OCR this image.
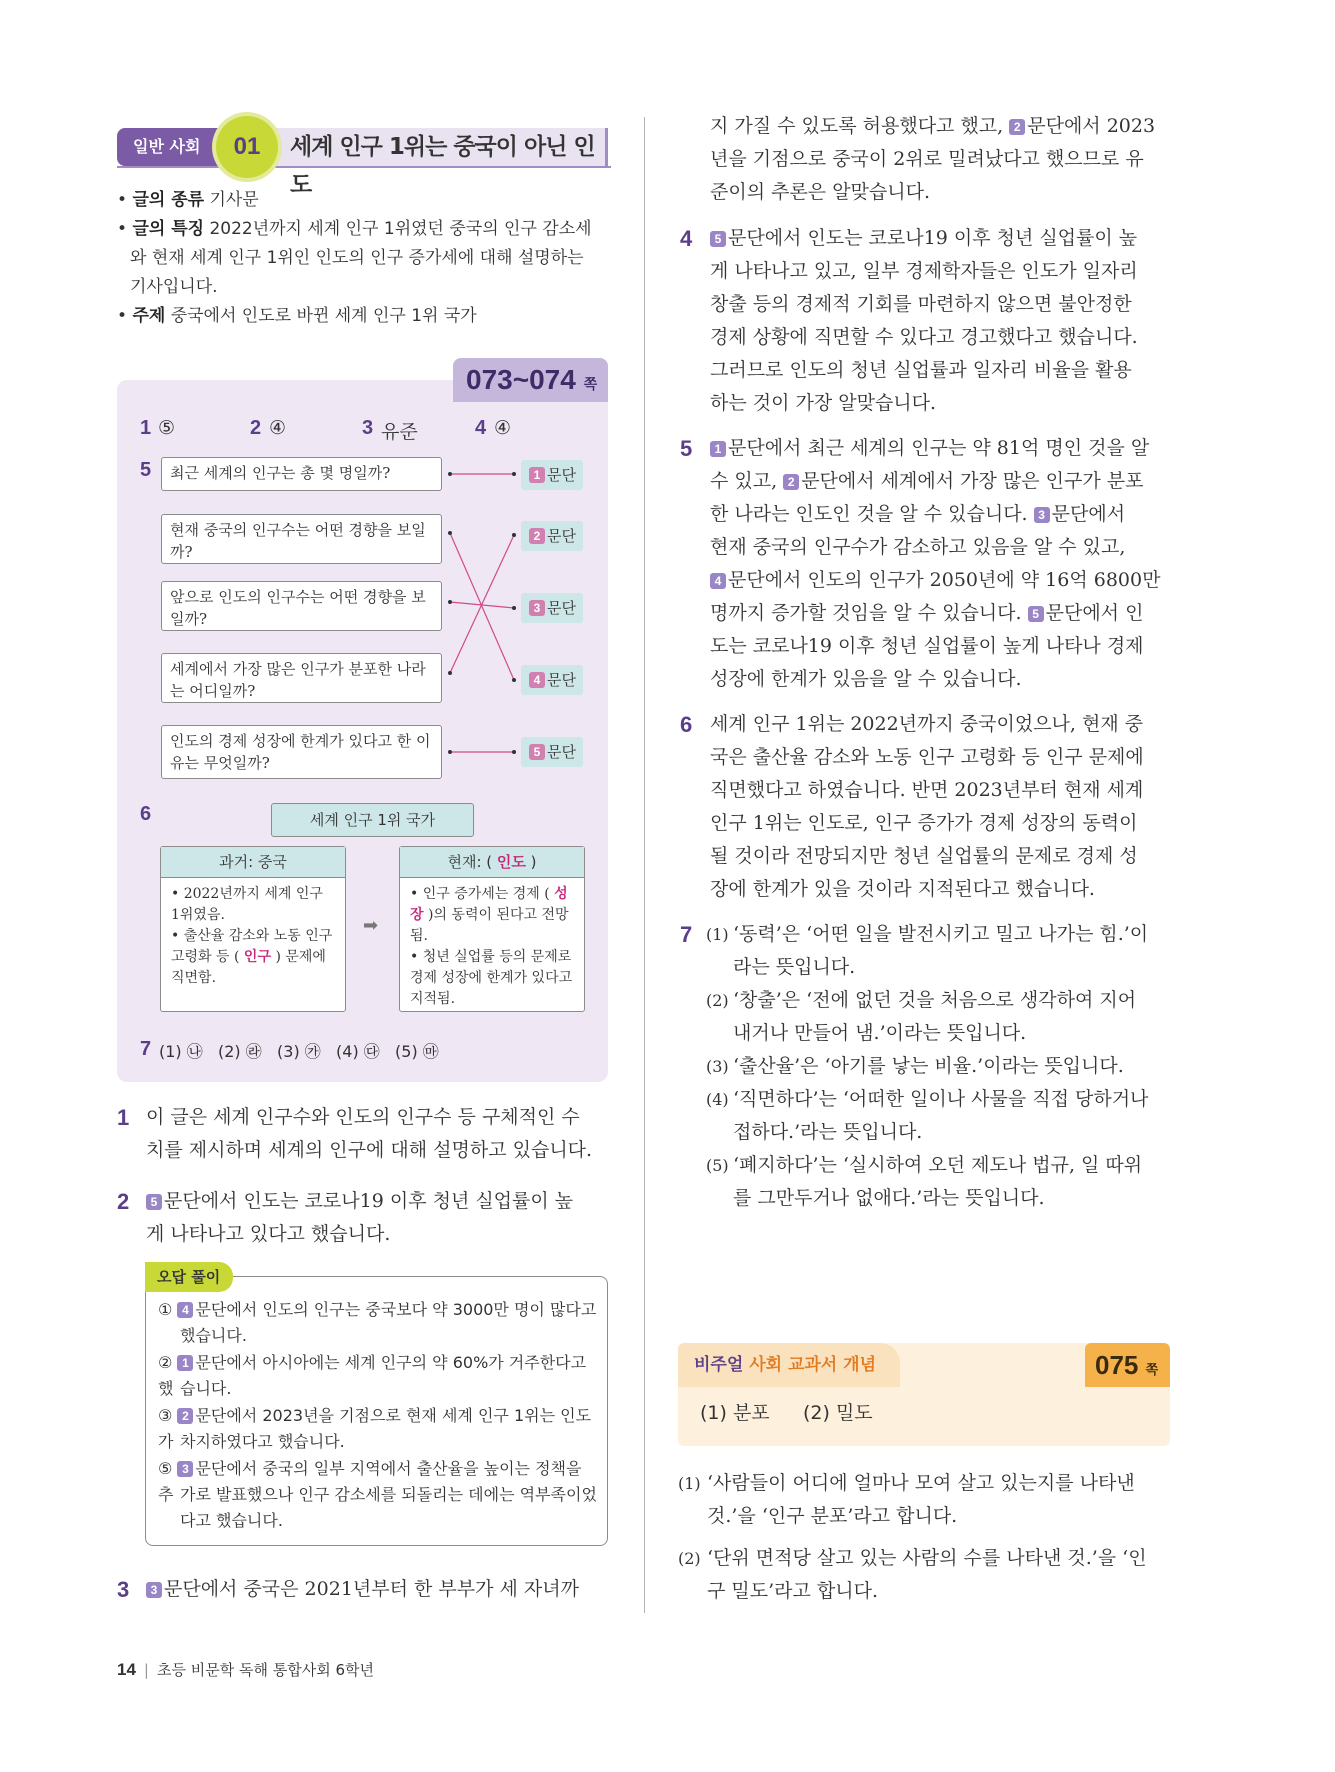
일반 사회	01	세계 인구 1위는 중국이 아닌 인도
• 글의 종류 기사문
• 글의 특징 2022년까지 세계 인구 1위였던 중국의 인구 감소세
와 현재 세계 인구 1위인 인도의 인구 증가세에 대해 설명하는
기사입니다.
• 주제 중국에서 인도로 바뀐 세계 인구 1위 국가
073~074 쪽
1 ⑤	2 ④	3 유준	4 ④
5	최근 세계의 인구는 총 몇 명일까?
현재 중국의 인구수는 어떤 경향을 보일까?
앞으로 인도의 인구수는 어떤 경향을 보일까?
세계에서 가장 많은 인구가 분포한 나라는 어디일까?
인도의 경제 성장에 한계가 있다고 한 이유는 무엇일까?
1 문단
2 문단
3 문단
4 문단
5 문단
6	세계 인구 1위 국가
과거: 중국
• 2022년까지 세계 인구 1위였음.
• 출산율 감소와 노동 인구 고령화 등 ( 인구 ) 문제에 직면함.
➡
현재: ( 인도 )
• 인구 증가세는 경제 ( 성장 )의 동력이 된다고 전망됨.
• 청년 실업률 등의 문제로 경제 성장에 한계가 있다고 지적됨.
7 (1) ㉯   (2) ㉱   (3) ㉮   (4) ㉰   (5) ㉲
1 이 글은 세계 인구수와 인도의 인구수 등 구체적인 수
치를 제시하며 세계의 인구에 대해 설명하고 있습니다.
2	5 문단에서 인도는 코로나19 이후 청년 실업률이 높
게 나타나고 있다고 했습니다.
오답 풀이
① 4 문단에서 인도의 인구는 중국보다 약 3000만 명이 많다고
했습니다.
② 1 문단에서 아시아에는 세계 인구의 약 60%가 거주한다고 했 습니다.
③ 2 문단에서 2023년을 기점으로 현재 세계 인구 1위는 인도가 차지하였다고 했습니다.
⑤ 3 문단에서 중국의 일부 지역에서 출산율을 높이는 정책을 추 가로 발표했으나 인구 감소세를 되돌리는 데에는 역부족이었
다고 했습니다.
3	3 문단에서 중국은 2021년부터 한 부부가 세 자녀까
14 | 초등 비문학 독해 통합사회 6학년
지 가질 수 있도록 허용했다고 했고, 2 문단에서 2023
년을 기점으로 중국이 2위로 밀려났다고 했으므로 유
준이의 추론은 알맞습니다.
4	5 문단에서 인도는 코로나19 이후 청년 실업률이 높
게 나타나고 있고, 일부 경제학자들은 인도가 일자리
창출 등의 경제적 기회를 마련하지 않으면 불안정한
경제 상황에 직면할 수 있다고 경고했다고 했습니다.
그러므로 인도의 청년 실업률과 일자리 비율을 활용
하는 것이 가장 알맞습니다.
5	1 문단에서 최근 세계의 인구는 약 81억 명인 것을 알
수 있고, 2 문단에서 세계에서 가장 많은 인구가 분포
한 나라는 인도인 것을 알 수 있습니다. 3 문단에서
현재 중국의 인구수가 감소하고 있음을 알 수 있고,
4 문단에서 인도의 인구가 2050년에 약 16억 6800만
명까지 증가할 것임을 알 수 있습니다. 5 문단에서 인
도는 코로나19 이후 청년 실업률이 높게 나타나 경제
성장에 한계가 있음을 알 수 있습니다.
6 세계 인구 1위는 2022년까지 중국이었으나, 현재 중
국은 출산율 감소와 노동 인구 고령화 등 인구 문제에
직면했다고 하였습니다. 반면 2023년부터 현재 세계
인구 1위는 인도로, 인구 증가가 경제 성장의 동력이
될 것이라 전망되지만 청년 실업률의 문제로 경제 성
장에 한계가 있을 것이라 지적된다고 했습니다.
7 (1) ‘동력’은 ‘어떤 일을 발전시키고 밀고 나가는 힘.’이
라는 뜻입니다.
(2) ‘창출’은 ‘전에 없던 것을 처음으로 생각하여 지어
내거나 만들어 냄.’이라는 뜻입니다.
(3) ‘출산율’은 ‘아기를 낳는 비율.’이라는 뜻입니다.
(4) ‘직면하다’는 ‘어떠한 일이나 사물을 직접 당하거나
접하다.’라는 뜻입니다.
(5) ‘폐지하다’는 ‘실시하여 오던 제도나 법규, 일 따위
를 그만두거나 없애다.’라는 뜻입니다.
비주얼 사회 교과서 개념	075 쪽
(1) 분포 (2) 밀도
(1) ‘사람들이 어디에 얼마나 모여 살고 있는지를 나타낸
것.’을 ‘인구 분포’라고 합니다.
(2) ‘단위 면적당 살고 있는 사람의 수를 나타낸 것.’을 ‘인
구 밀도’라고 합니다.
